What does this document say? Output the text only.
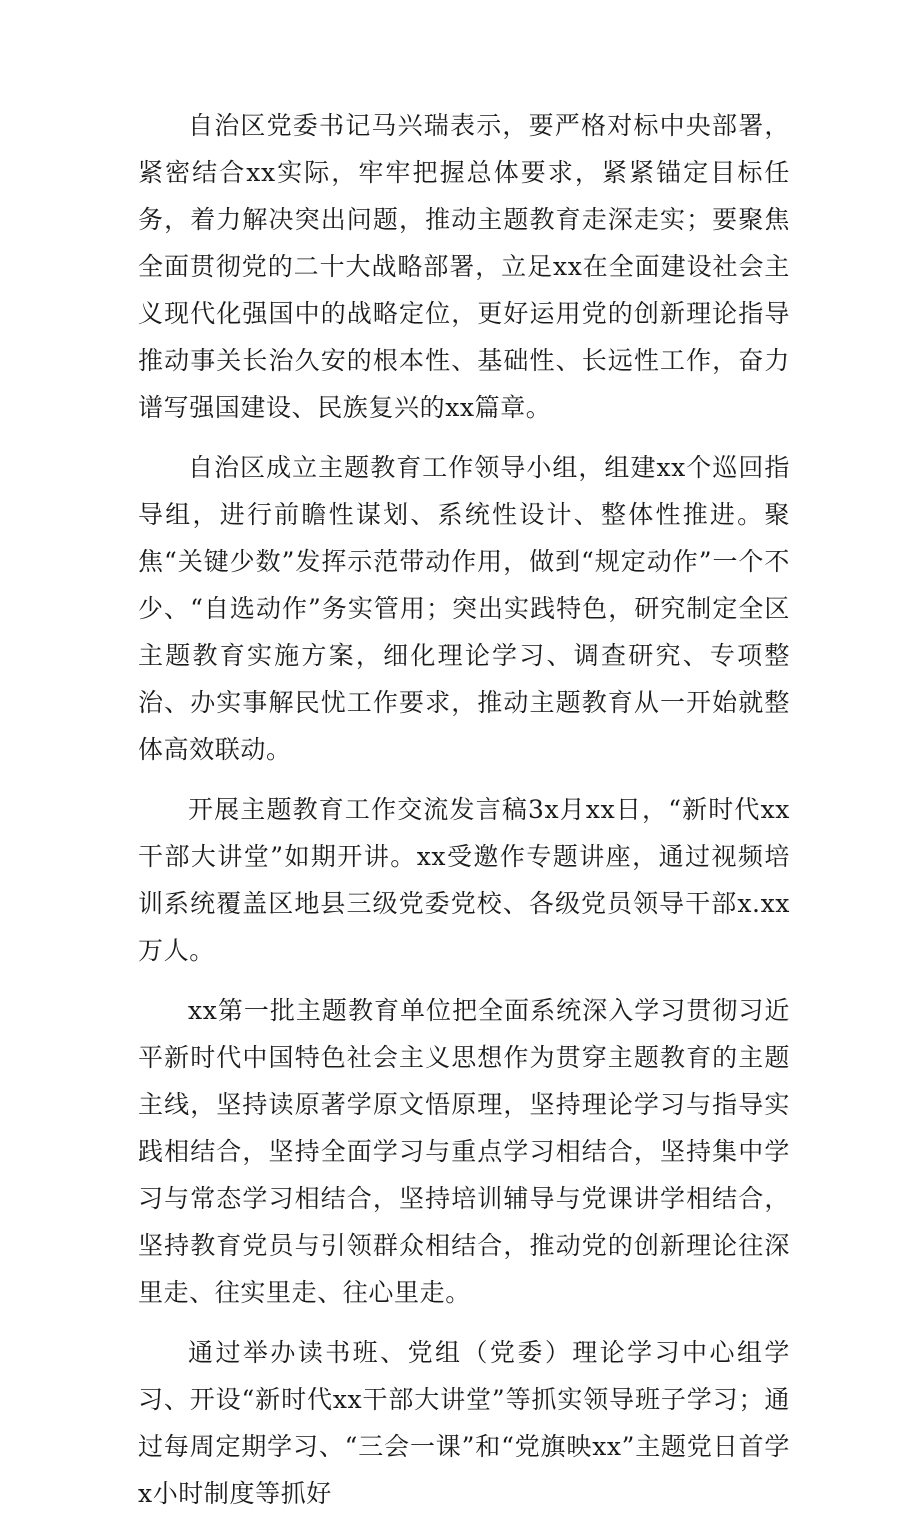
自治区党委书记马兴瑞表示，要严格对标中央部署，紧密结合xx实际，牢牢把握总体要求，紧紧锚定目标任务，着力解决突出问题，推动主题教育走深走实；要聚焦全面贯彻党的二十大战略部署，立足xx在全面建设社会主义现代化强国中的战略定位，更好运用党的创新理论指导推动事关长治久安的根本性、基础性、长远性工作，奋力谱写强国建设、民族复兴的xx篇章。

自治区成立主题教育工作领导小组，组建xx个巡回指导组，进行前瞻性谋划、系统性设计、整体性推进。聚焦“关键少数”发挥示范带动作用，做到“规定动作”一个不少、“自选动作”务实管用；突出实践特色，研究制定全区主题教育实施方案，细化理论学习、调查研究、专项整治、办实事解民忧工作要求，推动主题教育从一开始就整体高效联动。

开展主题教育工作交流发言稿3x月xx日，“新时代xx干部大讲堂”如期开讲。xx受邀作专题讲座，通过视频培训系统覆盖区地县三级党委党校、各级党员领导干部x.xx万人。

xx第一批主题教育单位把全面系统深入学习贯彻习近平新时代中国特色社会主义思想作为贯穿主题教育的主题主线，坚持读原著学原文悟原理，坚持理论学习与指导实践相结合，坚持全面学习与重点学习相结合，坚持集中学习与常态学习相结合，坚持培训辅导与党课讲学相结合，坚持教育党员与引领群众相结合，推动党的创新理论往深里走、往实里走、往心里走。

通过举办读书班、党组（党委）理论学习中心组学习、开设“新时代xx干部大讲堂”等抓实领导班子学习；通过每周定期学习、“三会一课”和“党旗映xx”主题党日首学x小时制度等抓好
